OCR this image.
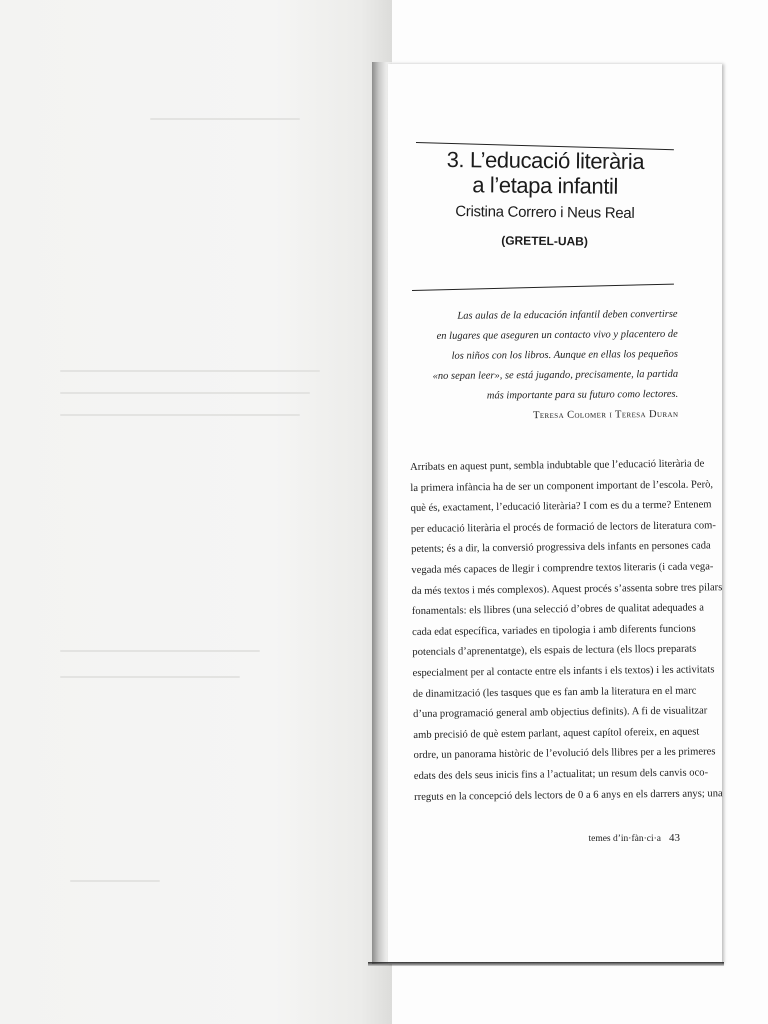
3. L’educació literària
a l’etapa infantil
Cristina Correro i Neus Real
(GRETEL-UAB)
Las aulas de la educación infantil deben convertirse
en lugares que aseguren un contacto vivo y placentero de
los niños con los libros. Aunque en ellas los pequeños
«no sepan leer», se está jugando, precisamente, la partida
más importante para su futuro como lectores.
Teresa Colomer i Teresa Duran
Arribats en aquest punt, sembla indubtable que l’educació literària de
la primera infància ha de ser un component important de l’escola. Però,
què és, exactament, l’educació literària? I com es du a terme? Entenem
per educació literària el procés de formació de lectors de literatura com-
petents; és a dir, la conversió progressiva dels infants en persones cada
vegada més capaces de llegir i comprendre textos literaris (i cada vega-
da més textos i més complexos). Aquest procés s’assenta sobre tres pilars
fonamentals: els llibres (una selecció d’obres de qualitat adequades a
cada edat específica, variades en tipologia i amb diferents funcions
potencials d’aprenentatge), els espais de lectura (els llocs preparats
especialment per al contacte entre els infants i els textos) i les activitats
de dinamització (les tasques que es fan amb la literatura en el marc
d’una programació general amb objectius definits). A fi de visualitzar
amb precisió de què estem parlant, aquest capítol ofereix, en aquest
ordre, un panorama històric de l’evolució dels llibres per a les primeres
edats des dels seus inicis fins a l’actualitat; un resum dels canvis oco-
rreguts en la concepció dels lectors de 0 a 6 anys en els darrers anys; una
temes d’in·fàn·ci·a 43
